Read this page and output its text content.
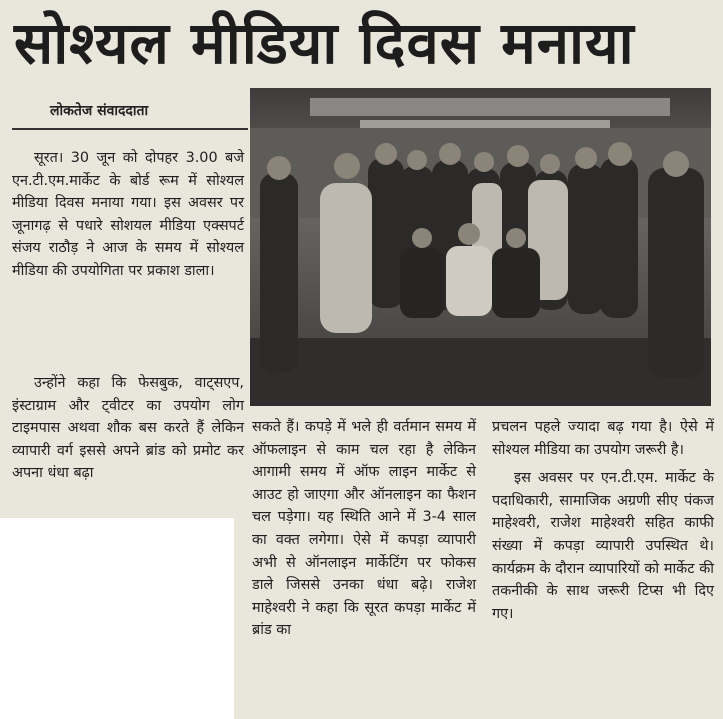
सोश्यल मीडिया दिवस मनाया
लोकतेज संवाददाता

सूरत। 30 जून को दोपहर 3.00 बजे एन.टी.एम.मार्केट के बोर्ड रूम में सोश्यल मीडिया दिवस मनाया गया। इस अवसर पर जूनागढ़ से पधारे सोशयल मीडिया एक्सपर्ट संजय राठौड़ ने आज के समय में सोश्यल मीडिया की उपयोगिता पर प्रकाश डाला।

उन्होंने कहा कि फेसबुक, वाट्सएप, इंस्टाग्राम और ट्वीटर का उपयोग लोग टाइमपास अथवा शौक बस करते हैं लेकिन व्यापारी वर्ग इससे अपने ब्रांड को प्रमोट कर अपना धंधा बढ़ा

सकते हैं। कपड़े में भले ही वर्तमान समय में ऑफलाइन से काम चल रहा है लेकिन आगामी समय में ऑफ लाइन मार्केट से आउट हो जाएगा और ऑनलाइन का फैशन चल पड़ेगा। यह स्थिति आने में 3-4 साल का वक्त लगेगा। ऐसे में कपड़ा व्यापारी अभी से ऑनलाइन मार्केटिंग पर फोकस डाले जिससे उनका धंधा बढ़े। राजेश माहेश्वरी ने कहा कि सूरत कपड़ा मार्केट में ब्रांड का

प्रचलन पहले ज्यादा बढ़ गया है। ऐसे में सोश्यल मीडिया का उपयोग जरूरी है।

इस अवसर पर एन.टी.एम. मार्केट के पदाधिकारी, सामाजिक अग्रणी सीए पंकज माहेश्वरी, राजेश माहेश्वरी सहित काफी संख्या में कपड़ा व्यापारी उपस्थित थे। कार्यक्रम के दौरान व्यापारियों को मार्केट की तकनीकी के साथ जरूरी टिप्स भी दिए गए।
